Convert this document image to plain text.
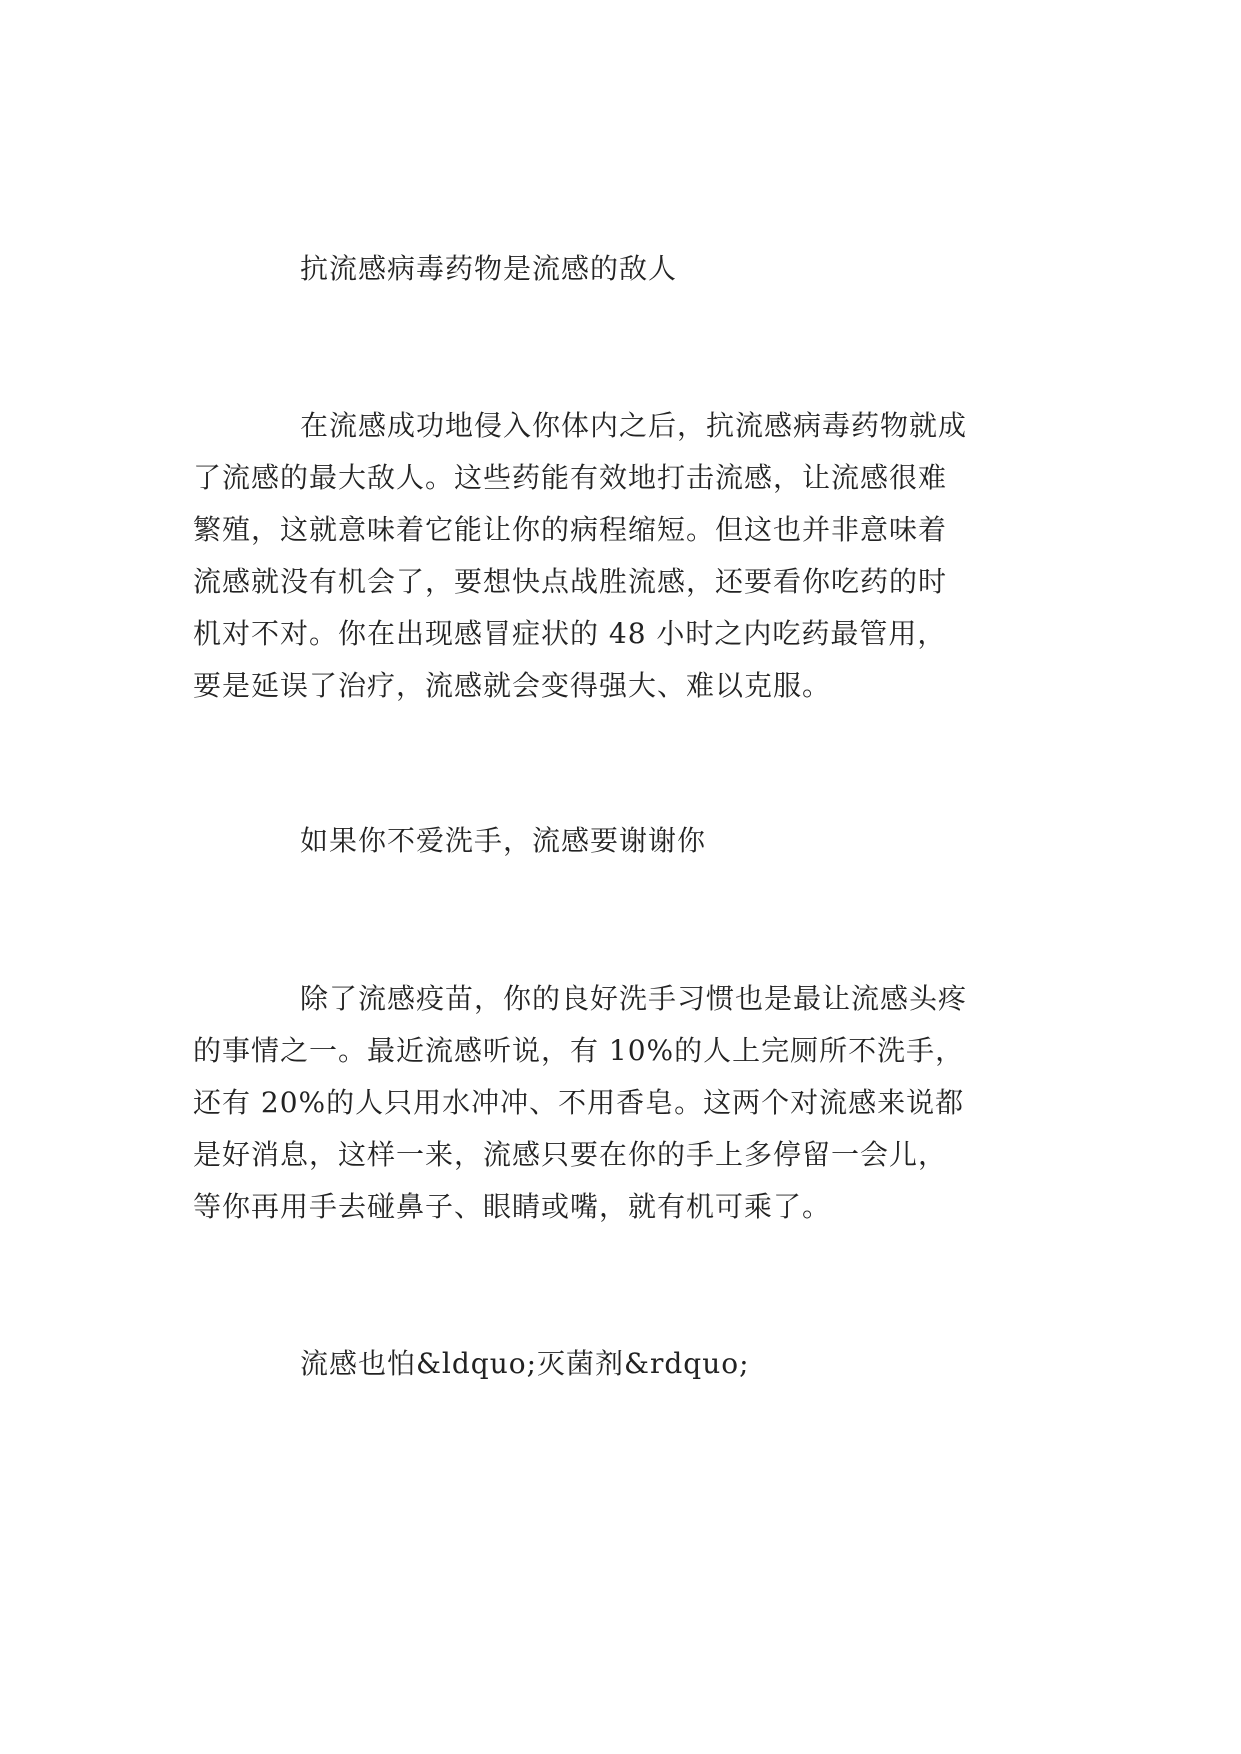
抗流感病毒药物是流感的敌人
在流感成功地侵入你体内之后，抗流感病毒药物就成
了流感的最大敌人。这些药能有效地打击流感，让流感很难
繁殖，这就意味着它能让你的病程缩短。但这也并非意味着
流感就没有机会了，要想快点战胜流感，还要看你吃药的时
机对不对。你在出现感冒症状的 48 小时之内吃药最管用，
要是延误了治疗，流感就会变得强大、难以克服。
如果你不爱洗手，流感要谢谢你
除了流感疫苗，你的良好洗手习惯也是最让流感头疼
的事情之一。最近流感听说，有 10%的人上完厕所不洗手，
还有 20%的人只用水冲冲、不用香皂。这两个对流感来说都
是好消息，这样一来，流感只要在你的手上多停留一会儿，
等你再用手去碰鼻子、眼睛或嘴，就有机可乘了。
流感也怕&ldquo;灭菌剂&rdquo;
